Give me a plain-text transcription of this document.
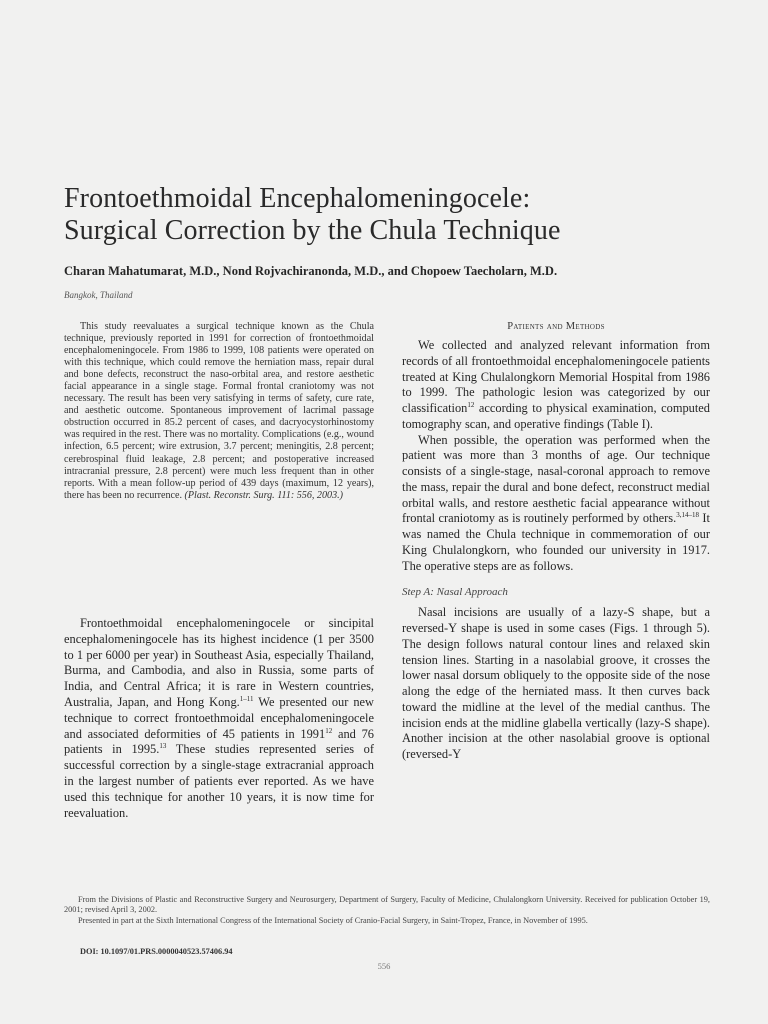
Frontoethmoidal Encephalomeningocele:
Surgical Correction by the Chula Technique
Charan Mahatumarat, M.D., Nond Rojvachiranonda, M.D., and Chopoew Taecholarn, M.D.
Bangkok, Thailand
This study reevaluates a surgical technique known as the Chula technique, previously reported in 1991 for correction of frontoethmoidal encephalomeningocele. From 1986 to 1999, 108 patients were operated on with this technique, which could remove the herniation mass, repair dural and bone defects, reconstruct the naso-orbital area, and restore aesthetic facial appearance in a single stage. Formal frontal craniotomy was not necessary. The result has been very satisfying in terms of safety, cure rate, and aesthetic outcome. Spontaneous improvement of lacrimal passage obstruction occurred in 85.2 percent of cases, and dacryocystorhinostomy was required in the rest. There was no mortality. Complications (e.g., wound infection, 6.5 percent; wire extrusion, 3.7 percent; meningitis, 2.8 percent; cerebrospinal fluid leakage, 2.8 percent; and postoperative increased intracranial pressure, 2.8 percent) were much less frequent than in other reports. With a mean follow-up period of 439 days (maximum, 12 years), there has been no recurrence. (Plast. Reconstr. Surg. 111: 556, 2003.)
Frontoethmoidal encephalomeningocele or sincipital encephalomeningocele has its highest incidence (1 per 3500 to 1 per 6000 per year) in Southeast Asia, especially Thailand, Burma, and Cambodia, and also in Russia, some parts of India, and Central Africa; it is rare in Western countries, Australia, Japan, and Hong Kong.$^{1-11}$ We presented our new technique to correct frontoethmoidal encephalomeningocele and associated deformities of 45 patients in 1991$^{12}$ and 76 patients in 1995.13 These studies represented series of successful correction by a single-stage extracranial approach in the largest number of patients ever reported. As we have used this technique for another 10 years, it is now time for reevaluation.
Patients and Methods

We collected and analyzed relevant information from records of all frontoethmoidal encephalomeningocele patients treated at King Chulalongkorn Memorial Hospital from 1986 to 1999. The pathologic lesion was categorized by our classification$^{12}$ according to physical examination, computed tomography scan, and operative findings (Table I).

When possible, the operation was performed when the patient was more than 3 months of age. Our technique consists of a single-stage, nasal-coronal approach to remove the mass, repair the dural and bone defect, reconstruct medial orbital walls, and restore aesthetic facial appearance without frontal craniotomy as is routinely performed by others.$^{3,14-18}$ It was named the Chula technique in commemoration of our King Chulalongkorn, who founded our university in 1917. The operative steps are as follows.

Step A: Nasal Approach

Nasal incisions are usually of a lazy-S shape, but a reversed-Y shape is used in some cases (Figs. 1 through 5). The design follows natural contour lines and relaxed skin tension lines. Starting in a nasolabial groove, it crosses the lower nasal dorsum obliquely to the opposite side of the nose along the edge of the herniated mass. It then curves back toward the midline at the level of the medial canthus. The incision ends at the midline glabella vertically (lazy-S shape). Another incision at the other nasolabial groove is optional (reversed-Y

From the Divisions of Plastic and Reconstructive Surgery and Neurosurgery, Department of Surgery, Faculty of Medicine, Chulalongkorn University. Received for publication October 19, 2001; revised April 3, 2002.

Presented in part at the Sixth International Congress of the International Society of Cranio-Facial Surgery, in Saint-Tropez, France, in November of 1995.

DOI: 10.1097/01.PRS.0000040523.57406.94
556
